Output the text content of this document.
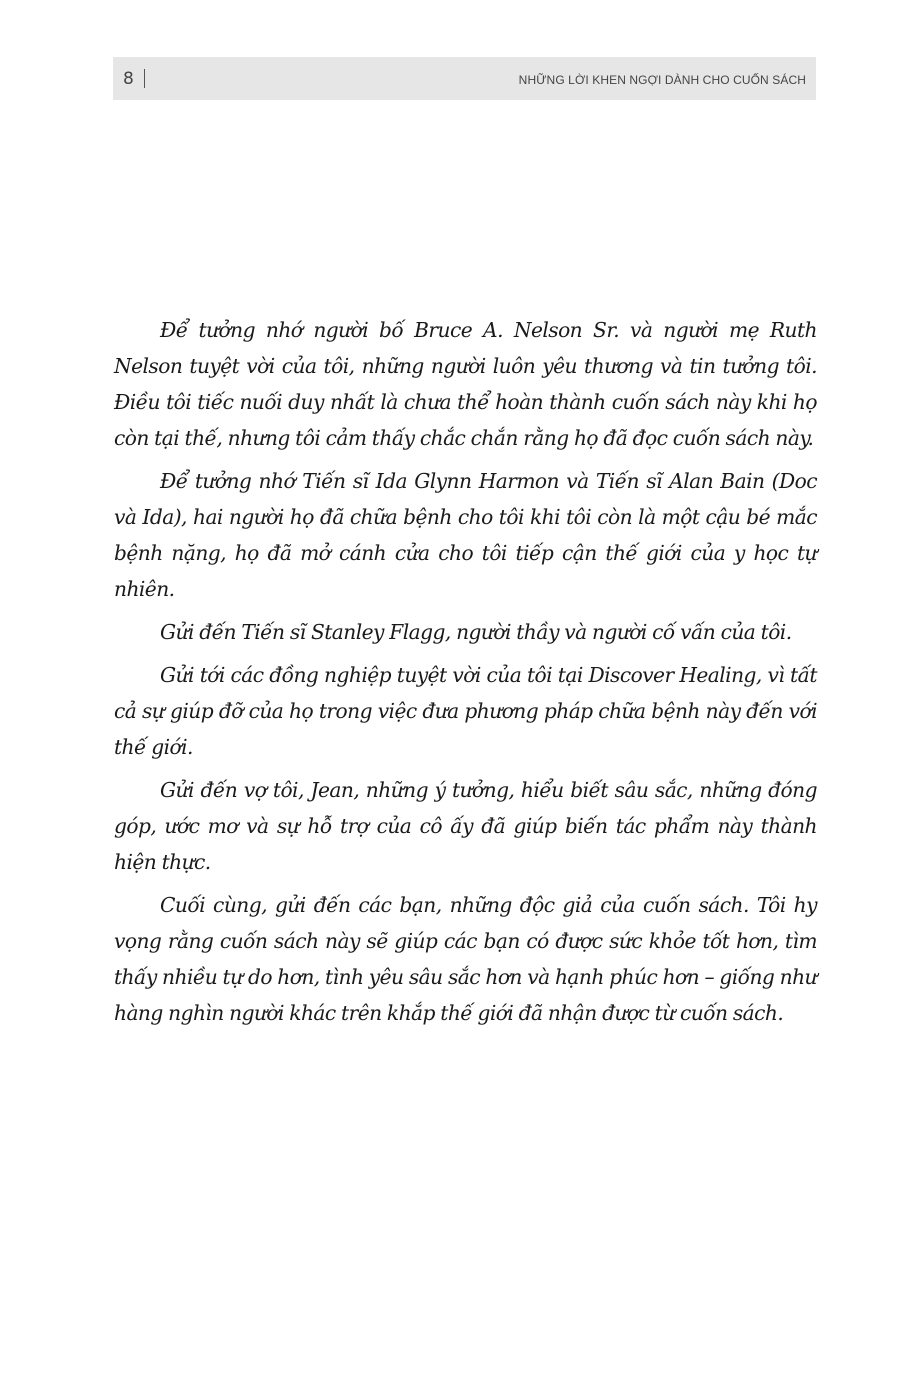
8	NHỮNG LỜI KHEN NGỢI DÀNH CHO CUỐN SÁCH

Để tưởng nhớ người bố Bruce A. Nelson Sr. và người mẹ Ruth Nelson tuyệt vời của tôi, những người luôn yêu thương và tin tưởng tôi. Điều tôi tiếc nuối duy nhất là chưa thể hoàn thành cuốn sách này khi họ còn tại thế, nhưng tôi cảm thấy chắc chắn rằng họ đã đọc cuốn sách này.

Để tưởng nhớ Tiến sĩ Ida Glynn Harmon và Tiến sĩ Alan Bain (Doc và Ida), hai người họ đã chữa bệnh cho tôi khi tôi còn là một cậu bé mắc bệnh nặng, họ đã mở cánh cửa cho tôi tiếp cận thế giới của y học tự nhiên.

Gửi đến Tiến sĩ Stanley Flagg, người thầy và người cố vấn của tôi.

Gửi tới các đồng nghiệp tuyệt vời của tôi tại Discover Healing, vì tất cả sự giúp đỡ của họ trong việc đưa phương pháp chữa bệnh này đến với thế giới.

Gửi đến vợ tôi, Jean, những ý tưởng, hiểu biết sâu sắc, những đóng góp, ước mơ và sự hỗ trợ của cô ấy đã giúp biến tác phẩm này thành hiện thực.

Cuối cùng, gửi đến các bạn, những độc giả của cuốn sách. Tôi hy vọng rằng cuốn sách này sẽ giúp các bạn có được sức khỏe tốt hơn, tìm thấy nhiều tự do hơn, tình yêu sâu sắc hơn và hạnh phúc hơn – giống như hàng nghìn người khác trên khắp thế giới đã nhận được từ cuốn sách.
